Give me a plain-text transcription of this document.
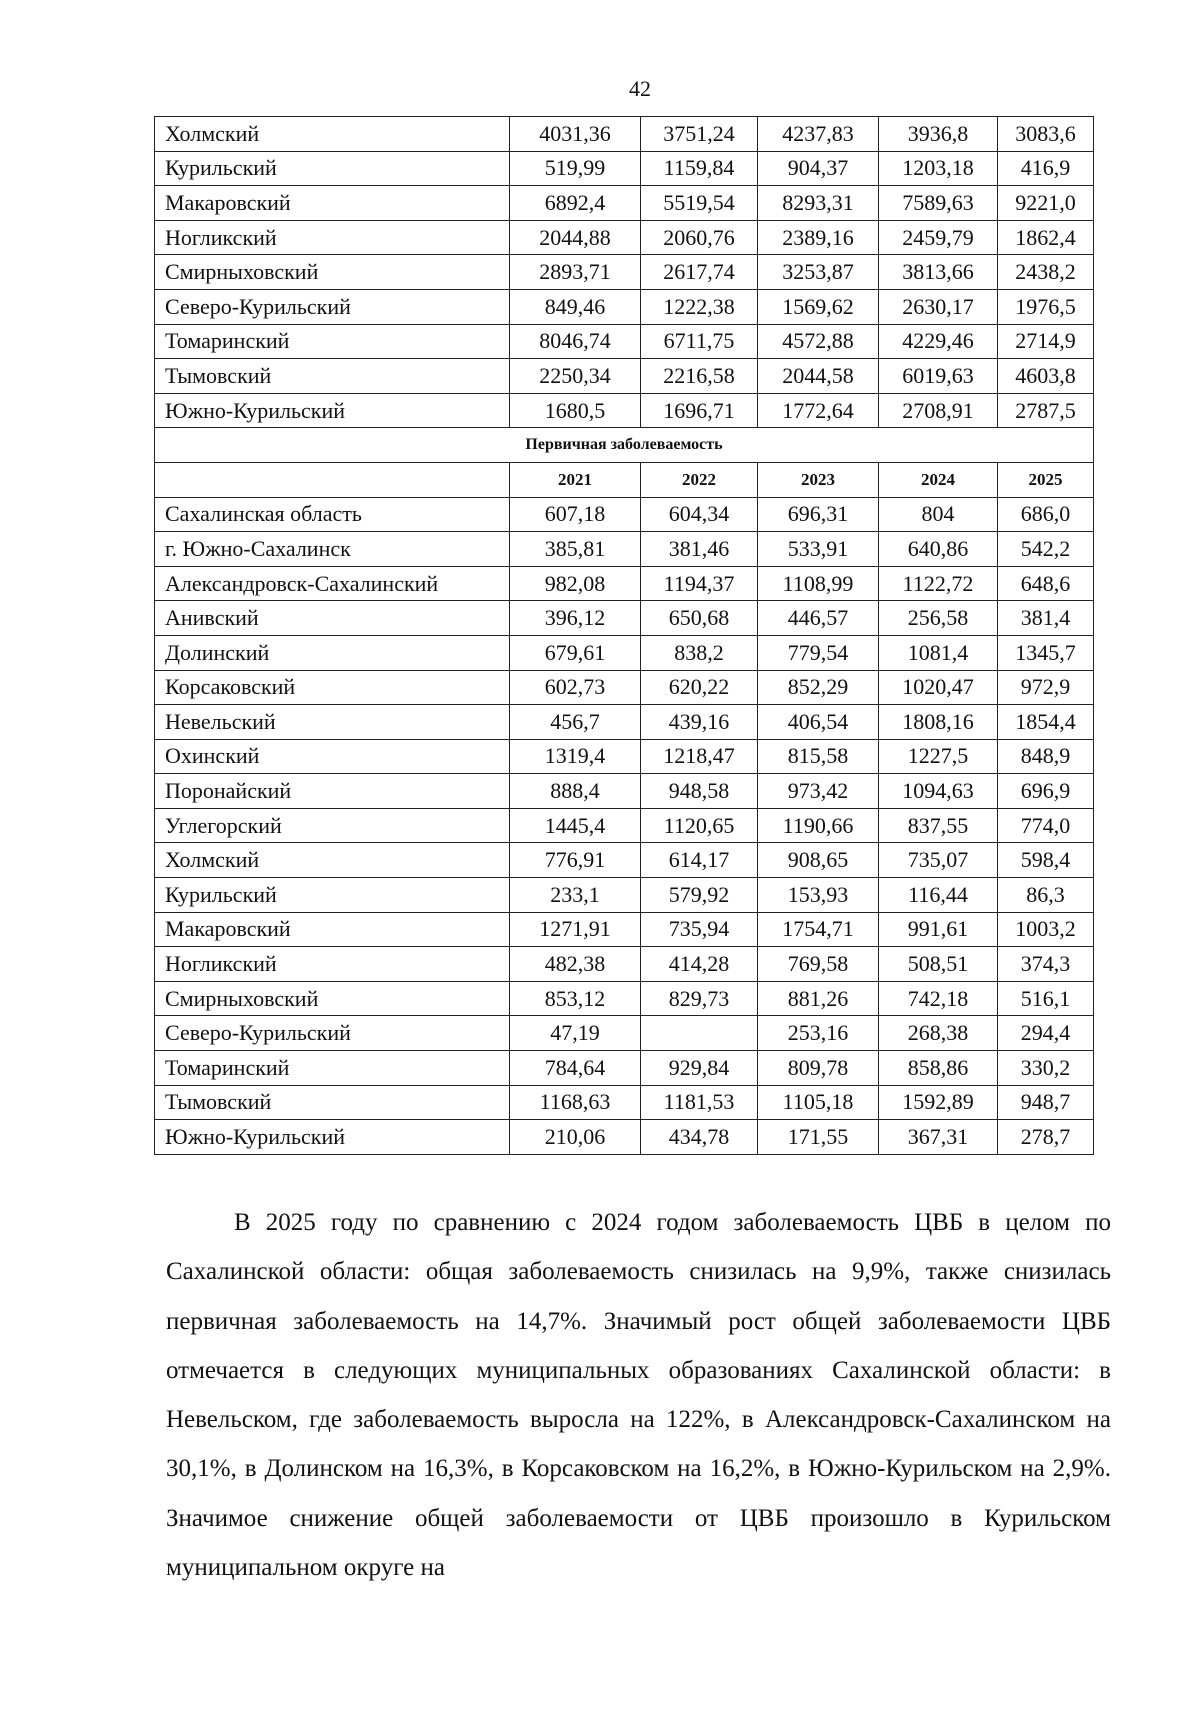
42
Холмский	4031,36	3751,24	4237,83	3936,8	3083,6
Курильский	519,99	1159,84	904,37	1203,18	416,9
Макаровский	6892,4	5519,54	8293,31	7589,63	9221,0
Ногликский	2044,88	2060,76	2389,16	2459,79	1862,4
Смирныховский	2893,71	2617,74	3253,87	3813,66	2438,2
Северо-Курильский	849,46	1222,38	1569,62	2630,17	1976,5
Томаринский	8046,74	6711,75	4572,88	4229,46	2714,9
Тымовский	2250,34	2216,58	2044,58	6019,63	4603,8
Южно-Курильский	1680,5	1696,71	1772,64	2708,91	2787,5
Первичная заболеваемость					
	2021	2022	2023	2024	2025
Сахалинская область	607,18	604,34	696,31	804	686,0
г. Южно-Сахалинск	385,81	381,46	533,91	640,86	542,2
Александровск-Сахалинский	982,08	1194,37	1108,99	1122,72	648,6
Анивский	396,12	650,68	446,57	256,58	381,4
Долинский	679,61	838,2	779,54	1081,4	1345,7
Корсаковский	602,73	620,22	852,29	1020,47	972,9
Невельский	456,7	439,16	406,54	1808,16	1854,4
Охинский	1319,4	1218,47	815,58	1227,5	848,9
Поронайский	888,4	948,58	973,42	1094,63	696,9
Углегорский	1445,4	1120,65	1190,66	837,55	774,0
Холмский	776,91	614,17	908,65	735,07	598,4
Курильский	233,1	579,92	153,93	116,44	86,3
Макаровский	1271,91	735,94	1754,71	991,61	1003,2
Ногликский	482,38	414,28	769,58	508,51	374,3
Смирныховский	853,12	829,73	881,26	742,18	516,1
Северо-Курильский	47,19		253,16	268,38	294,4
Томаринский	784,64	929,84	809,78	858,86	330,2
Тымовский	1168,63	1181,53	1105,18	1592,89	948,7
Южно-Курильский	210,06	434,78	171,55	367,31	278,7

В 2025 году по сравнению с 2024 годом заболеваемость ЦВБ в целом по Сахалинской области: общая заболеваемость снизилась на 9,9%, также снизилась первичная заболеваемость на 14,7%. Значимый рост общей заболеваемости ЦВБ отмечается в следующих муниципальных образованиях Сахалинской области: в Невельском, где заболеваемость выросла на 122%, в Александровск-Сахалинском на 30,1%, в Долинском на 16,3%, в Корсаковском на 16,2%, в Южно-Курильском на 2,9%. Значимое снижение общей заболеваемости от ЦВБ произошло в Курильском муниципальном округе на
